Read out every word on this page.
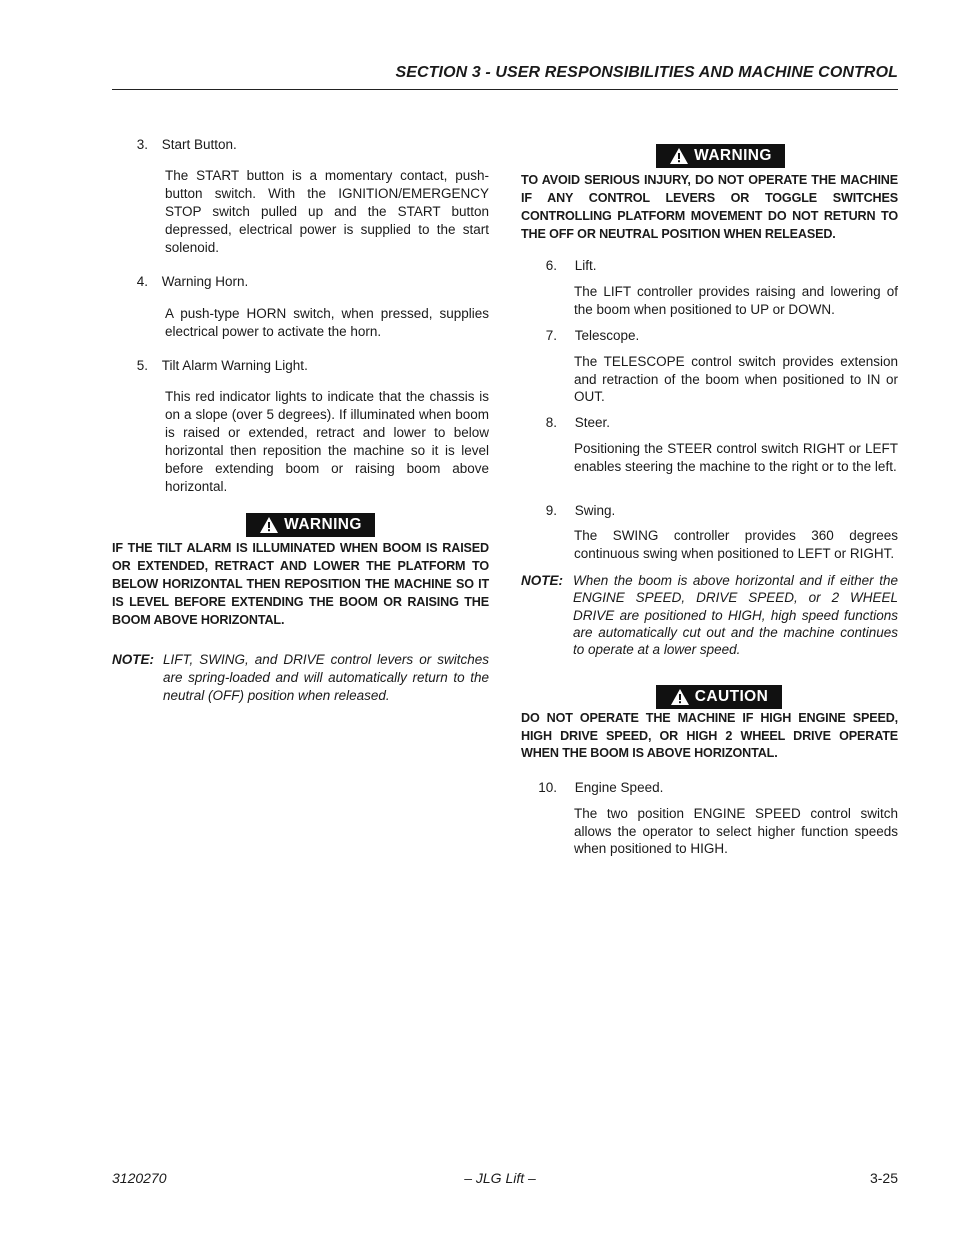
SECTION 3 - USER RESPONSIBILITIES AND MACHINE CONTROL
3. Start Button.
The START button is a momentary contact, push-button switch. With the IGNITION/EMERGENCY STOP switch pulled up and the START button depressed, electrical power is supplied to the start solenoid.
4. Warning Horn.
A push-type HORN switch, when pressed, supplies electrical power to activate the horn.
5. Tilt Alarm Warning Light.
This red indicator lights to indicate that the chassis is on a slope (over 5 degrees). If illuminated when boom is raised or extended, retract and lower to below horizontal then reposition the machine so it is level before extending boom or raising boom above horizontal.
WARNING
IF THE TILT ALARM IS ILLUMINATED WHEN BOOM IS RAISED OR EXTENDED, RETRACT AND LOWER THE PLATFORM TO BELOW HORIZONTAL THEN REPOSITION THE MACHINE SO IT IS LEVEL BEFORE EXTENDING THE BOOM OR RAISING THE BOOM ABOVE HORIZONTAL.
NOTE: LIFT, SWING, and DRIVE control levers or switches are spring-loaded and will automatically return to the neutral (OFF) position when released.
WARNING
TO AVOID SERIOUS INJURY, DO NOT OPERATE THE MACHINE IF ANY CONTROL LEVERS OR TOGGLE SWITCHES CONTROLLING PLATFORM MOVEMENT DO NOT RETURN TO THE OFF OR NEUTRAL POSITION WHEN RELEASED.
6. Lift.
The LIFT controller provides raising and lowering of the boom when positioned to UP or DOWN.
7. Telescope.
The TELESCOPE control switch provides extension and retraction of the boom when positioned to IN or OUT.
8. Steer.
Positioning the STEER control switch RIGHT or LEFT enables steering the machine to the right or to the left.
9. Swing.
The SWING controller provides 360 degrees continuous swing when positioned to LEFT or RIGHT.
NOTE: When the boom is above horizontal and if either the ENGINE SPEED, DRIVE SPEED, or 2 WHEEL DRIVE are positioned to HIGH, high speed functions are automatically cut out and the machine continues to operate at a lower speed.
CAUTION
DO NOT OPERATE THE MACHINE IF HIGH ENGINE SPEED, HIGH DRIVE SPEED, OR HIGH 2 WHEEL DRIVE OPERATE WHEN THE BOOM IS ABOVE HORIZONTAL.
10. Engine Speed.
The two position ENGINE SPEED control switch allows the operator to select higher function speeds when positioned to HIGH.
3120270	– JLG Lift –	3-25
